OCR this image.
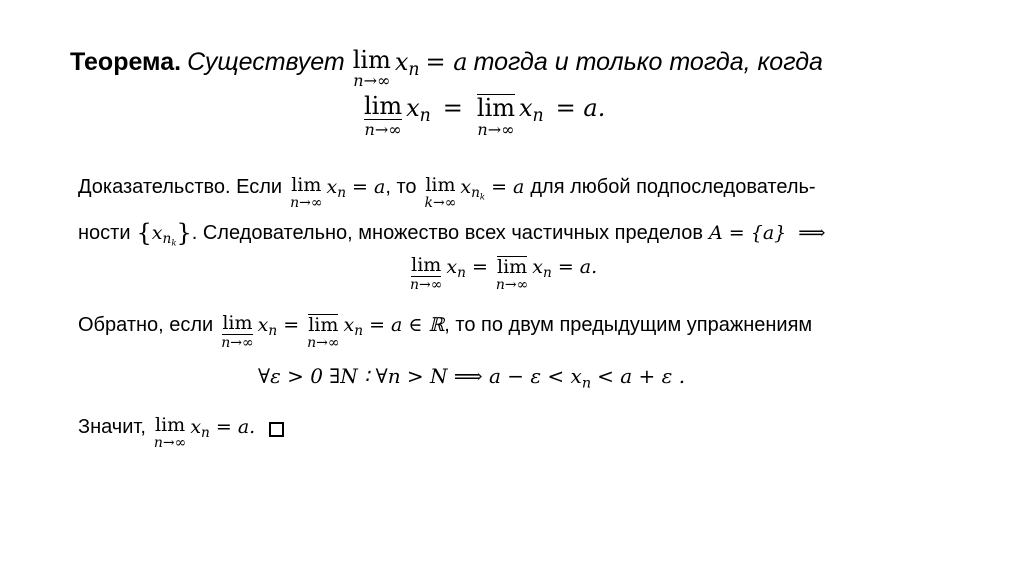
Теорема. Существует lim
n→∞
$x_n = a$ тогда и только тогда, когда
lim
n→∞
$x_n = \lim$
n→∞
$x_n = a$.
Доказательство. Если lim
n→∞
$x_n = a$ , то lim
k→∞
$x_{n_k} = a$ для любой подпоследователь-
ности { $x_{n_k}$ } . Следовательно, множество всех частичных пределов A = {a} ⟹
lim
n→∞
$x_n = \lim$
n→∞
$x_n = a$.
Обратно, если lim
n→∞
$x_n = \lim$
n→∞
$x_n = a$ ∈ ℝ , то по двум предыдущим упражнениям
∀ε > 0 ∃N ∶ ∀n > N ⟹ a − ε < x $_n$ < a + ε .
Значит, lim
n→∞
$x_n = a$.
